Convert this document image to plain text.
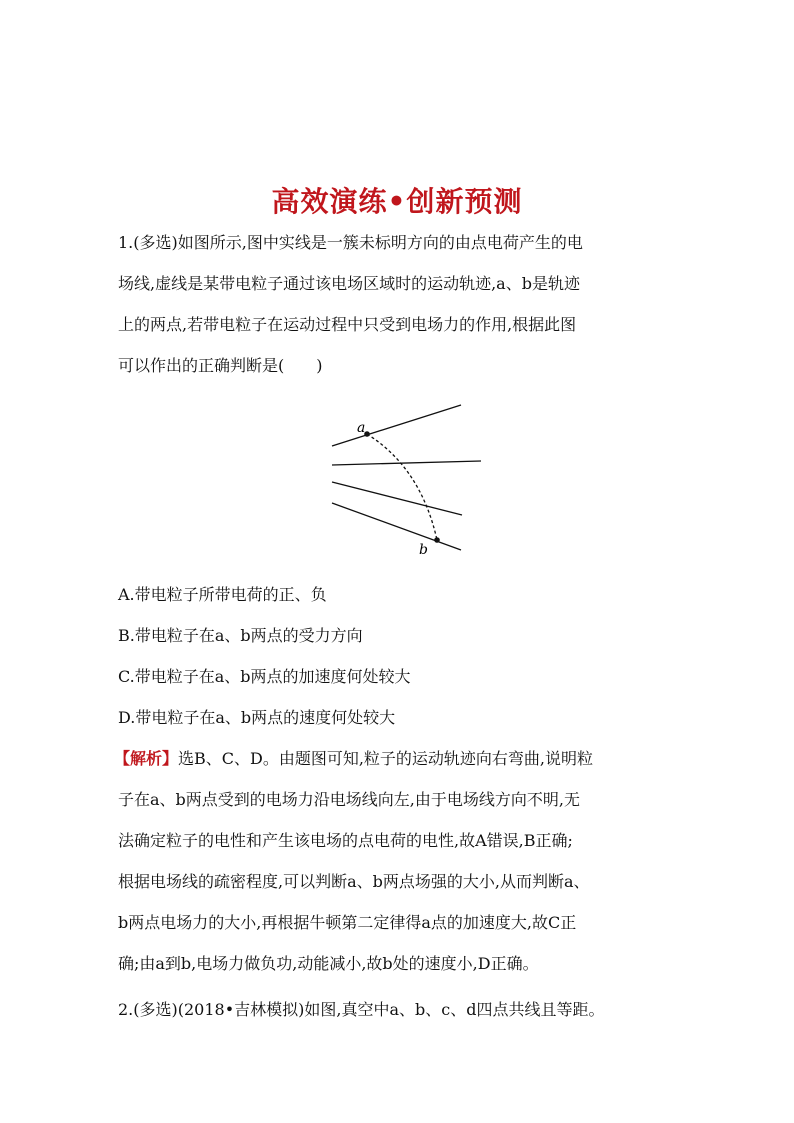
高效演练•创新预测
1.(多选)如图所示,图中实线是一簇未标明方向的由点电荷产生的电
场线,虚线是某带电粒子通过该电场区域时的运动轨迹,a、b是轨迹
上的两点,若带电粒子在运动过程中只受到电场力的作用,根据此图
可以作出的正确判断是(　　)
a
b
A.带电粒子所带电荷的正、负
B.带电粒子在a、b两点的受力方向
C.带电粒子在a、b两点的加速度何处较大
D.带电粒子在a、b两点的速度何处较大
【解析】选B、C、D。由题图可知,粒子的运动轨迹向右弯曲,说明粒
子在a、b两点受到的电场力沿电场线向左,由于电场线方向不明,无
法确定粒子的电性和产生该电场的点电荷的电性,故A错误,B正确;
根据电场线的疏密程度,可以判断a、b两点场强的大小,从而判断a、
b两点电场力的大小,再根据牛顿第二定律得a点的加速度大,故C正
确;由a到b,电场力做负功,动能减小,故b处的速度小,D正确。
2.(多选)(2018•吉林模拟)如图,真空中a、b、c、d四点共线且等距。
